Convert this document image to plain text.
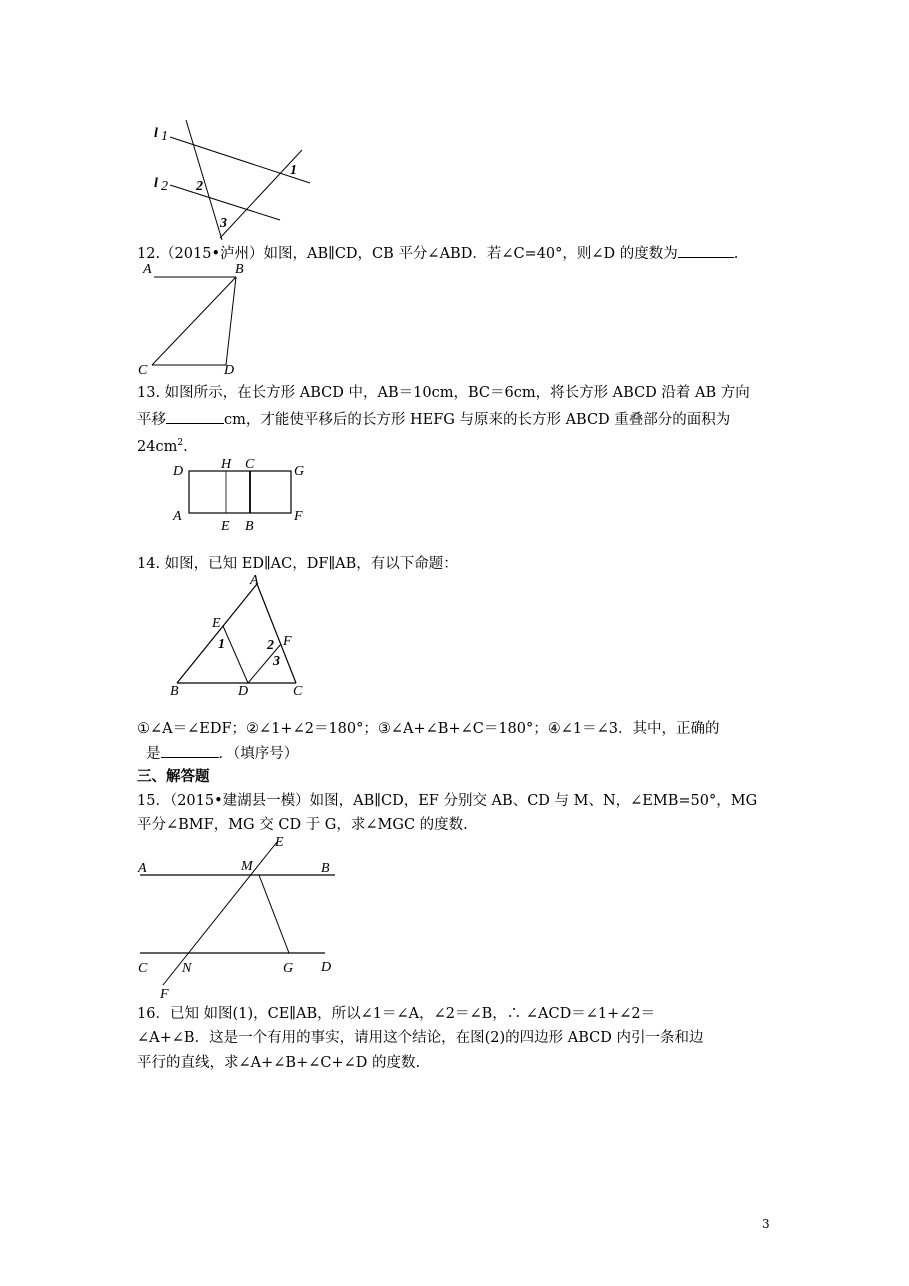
l 1
l 2
1
2
3
12.（2015•泸州）如图，AB∥CD，CB 平分∠ABD．若∠C=40°，则∠D 的度数为	.
A	B
C	D
13. 如图所示，在长方形 ABCD 中，AB＝10cm，BC＝6cm，将长方形 ABCD 沿着 AB 方向
平移	cm，才能使平移后的长方形 HEFG 与原来的长方形 ABCD 重叠部分的面积为
$24cm^2$.
D	H C	G
A
E B
F
14. 如图，已知 ED∥AC，DF∥AB，有以下命题：
A
E
F
B	D	C
1	2
3
①∠A＝∠EDF；②∠1+∠2＝180°；③∠A+∠B+∠C＝180°；④∠1＝∠3．其中，正确的
是	．（填序号）
三、解答题
15．（2015•建湖县一模）如图，AB∥CD，EF 分别交 AB、CD 与 M、N，∠EMB=50°，MG
平分∠BMF，MG 交 CD 于 G，求∠MGC 的度数.
A	M
E
B
C N	G D
F
16．已知 如图(1)，CE∥AB，所以∠1＝∠A，∠2＝∠B，∴ ∠ACD＝∠1+∠2＝
∠A+∠B．这是一个有用的事实，请用这个结论，在图(2)的四边形 ABCD 内引一条和边
平行的直线，求∠A+∠B+∠C+∠D 的度数.
3
